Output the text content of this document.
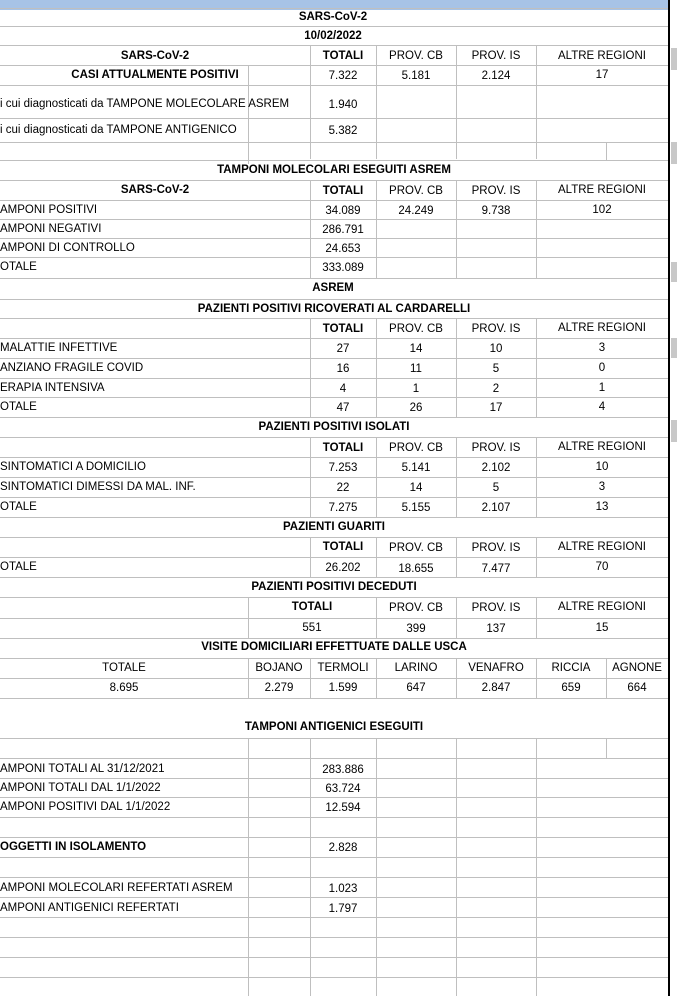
SARS-CoV-2
10/02/2022
SARS-CoV-2	TOTALI	PROV. CB	PROV. IS	ALTRE REGIONI
CASI ATTUALMENTE POSITIVI	7.322	5.181	2.124	17
i cui diagnosticati da TAMPONE MOLECOLARE ASREM	1.940
i cui diagnosticati da TAMPONE ANTIGENICO	5.382
TAMPONI MOLECOLARI ESEGUITI ASREM
SARS-CoV-2	TOTALI	PROV. CB	PROV. IS	ALTRE REGIONI
AMPONI POSITIVI	34.089	24.249	9.738	102
AMPONI NEGATIVI	286.791
AMPONI DI CONTROLLO	24.653
OTALE	333.089
ASREM
PAZIENTI POSITIVI RICOVERATI AL CARDARELLI
TOTALI	PROV. CB	PROV. IS	ALTRE REGIONI
MALATTIE INFETTIVE	27	14	10	3
ANZIANO FRAGILE COVID	16	11	5	0
ERAPIA INTENSIVA	4	1	2	1
OTALE	47	26	17	4
PAZIENTI POSITIVI ISOLATI
TOTALI	PROV. CB	PROV. IS	ALTRE REGIONI
SINTOMATICI A DOMICILIO	7.253	5.141	2.102	10
SINTOMATICI DIMESSI DA MAL. INF.	22	14	5	3
OTALE	7.275	5.155	2.107	13
PAZIENTI GUARITI
TOTALI	PROV. CB	PROV. IS	ALTRE REGIONI
OTALE	26.202	18.655	7.477	70
PAZIENTI POSITIVI DECEDUTI
TOTALI	PROV. CB	PROV. IS	ALTRE REGIONI
551	399	137	15
VISITE DOMICILIARI EFFETTUATE DALLE USCA
TOTALE	BOJANO	TERMOLI	LARINO	VENAFRO	RICCIA	AGNONE
8.695	2.279	1.599	647	2.847	659	664
TAMPONI ANTIGENICI ESEGUITI
AMPONI TOTALI AL 31/12/2021	283.886
AMPONI TOTALI DAL 1/1/2022	63.724
AMPONI POSITIVI DAL 1/1/2022	12.594
OGGETTI IN ISOLAMENTO	2.828
AMPONI MOLECOLARI REFERTATI ASREM	1.023
AMPONI ANTIGENICI REFERTATI	1.797
